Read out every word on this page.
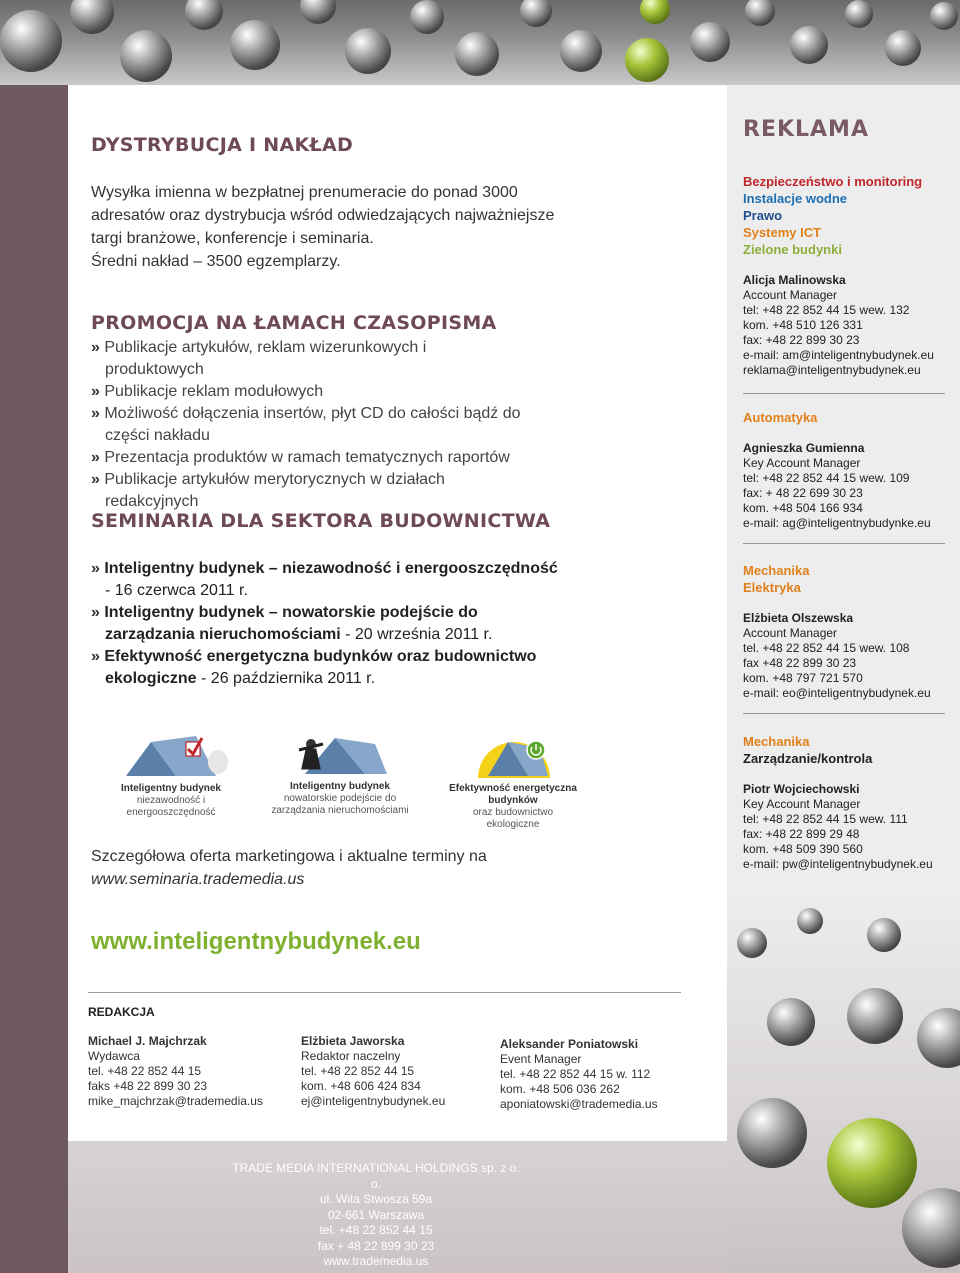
DYSTRYBUCJA I NAKŁAD
Wysyłka imienna w bezpłatnej prenumeracie do ponad 3000
adresatów oraz dystrybucja wśród odwiedzających najważniejsze
targi branżowe, konferencje i seminaria.
Średni nakład – 3500 egzemplarzy.
PROMOCJA NA ŁAMACH CZASOPISMA
» Publikacje artykułów, reklam wizerunkowych i produktowych
» Publikacje reklam modułowych
» Możliwość dołączenia insertów, płyt CD do całości bądź do części nakładu
» Prezentacja produktów w ramach tematycznych raportów
» Publikacje artykułów merytorycznych w działach redakcyjnych
SEMINARIA DLA SEKTORA BUDOWNICTWA
» Inteligentny budynek – niezawodność i energooszczędność - 16 czerwca 2011 r.
» Inteligentny budynek – nowatorskie podejście do zarządzania nieruchomościami - 20 września 2011 r.
» Efektywność energetyczna budynków oraz budownictwo ekologiczne - 26 października 2011 r.
Inteligentny budynek
niezawodność i energooszczędność
Inteligentny budynek
nowatorskie podejście do zarządzania nieruchomościami
Efektywność energetyczna budynków
oraz budownictwo ekologiczne
Szczegółowa oferta marketingowa i aktualne terminy na
www.seminaria.trademedia.us
www.inteligentnybudynek.eu
REDAKCJA
Michael J. Majchrzak
Wydawca
tel. +48 22 852 44 15
faks +48 22 899 30 23
mike_majchrzak@trademedia.us
Elżbieta Jaworska
Redaktor naczelny
tel. +48 22 852 44 15
kom. +48 606 424 834
ej@inteligentnybudynek.eu
Aleksander Poniatowski
Event Manager
tel. +48 22 852 44 15 w. 112
kom. +48 506 036 262
aponiatowski@trademedia.us
TRADE MEDIA INTERNATIONAL HOLDINGS sp. z o. o.
ul. Wita Stwosza 59a
02-661 Warszawa
tel. +48 22 852 44 15
fax + 48 22 899 30 23
www.trademedia.us
REKLAMA
Bezpieczeństwo i monitoring
Instalacje wodne
Prawo
Systemy ICT
Zielone budynki
Alicja Malinowska
Account Manager
tel: +48 22 852 44 15 wew. 132
kom. +48 510 126 331
fax: +48 22 899 30 23
e-mail: am@inteligentnybudynek.eu
reklama@inteligentnybudynek.eu
Automatyka
Agnieszka Gumienna
Key Account Manager
tel: +48 22 852 44 15 wew. 109
fax: + 48 22 699 30 23
kom. +48 504 166 934
e-mail: ag@inteligentnybudynke.eu
Mechanika
Elektryka
Elżbieta Olszewska
Account Manager
tel. +48 22 852 44 15 wew. 108
fax +48 22 899 30 23
kom. +48 797 721 570
e-mail: eo@inteligentnybudynek.eu
Mechanika
Zarządzanie/kontrola
Piotr Wojciechowski
Key Account Manager
tel: +48 22 852 44 15 wew. 111
fax: +48 22 899 29 48
kom. +48 509 390 560
e-mail: pw@inteligentnybudynek.eu
